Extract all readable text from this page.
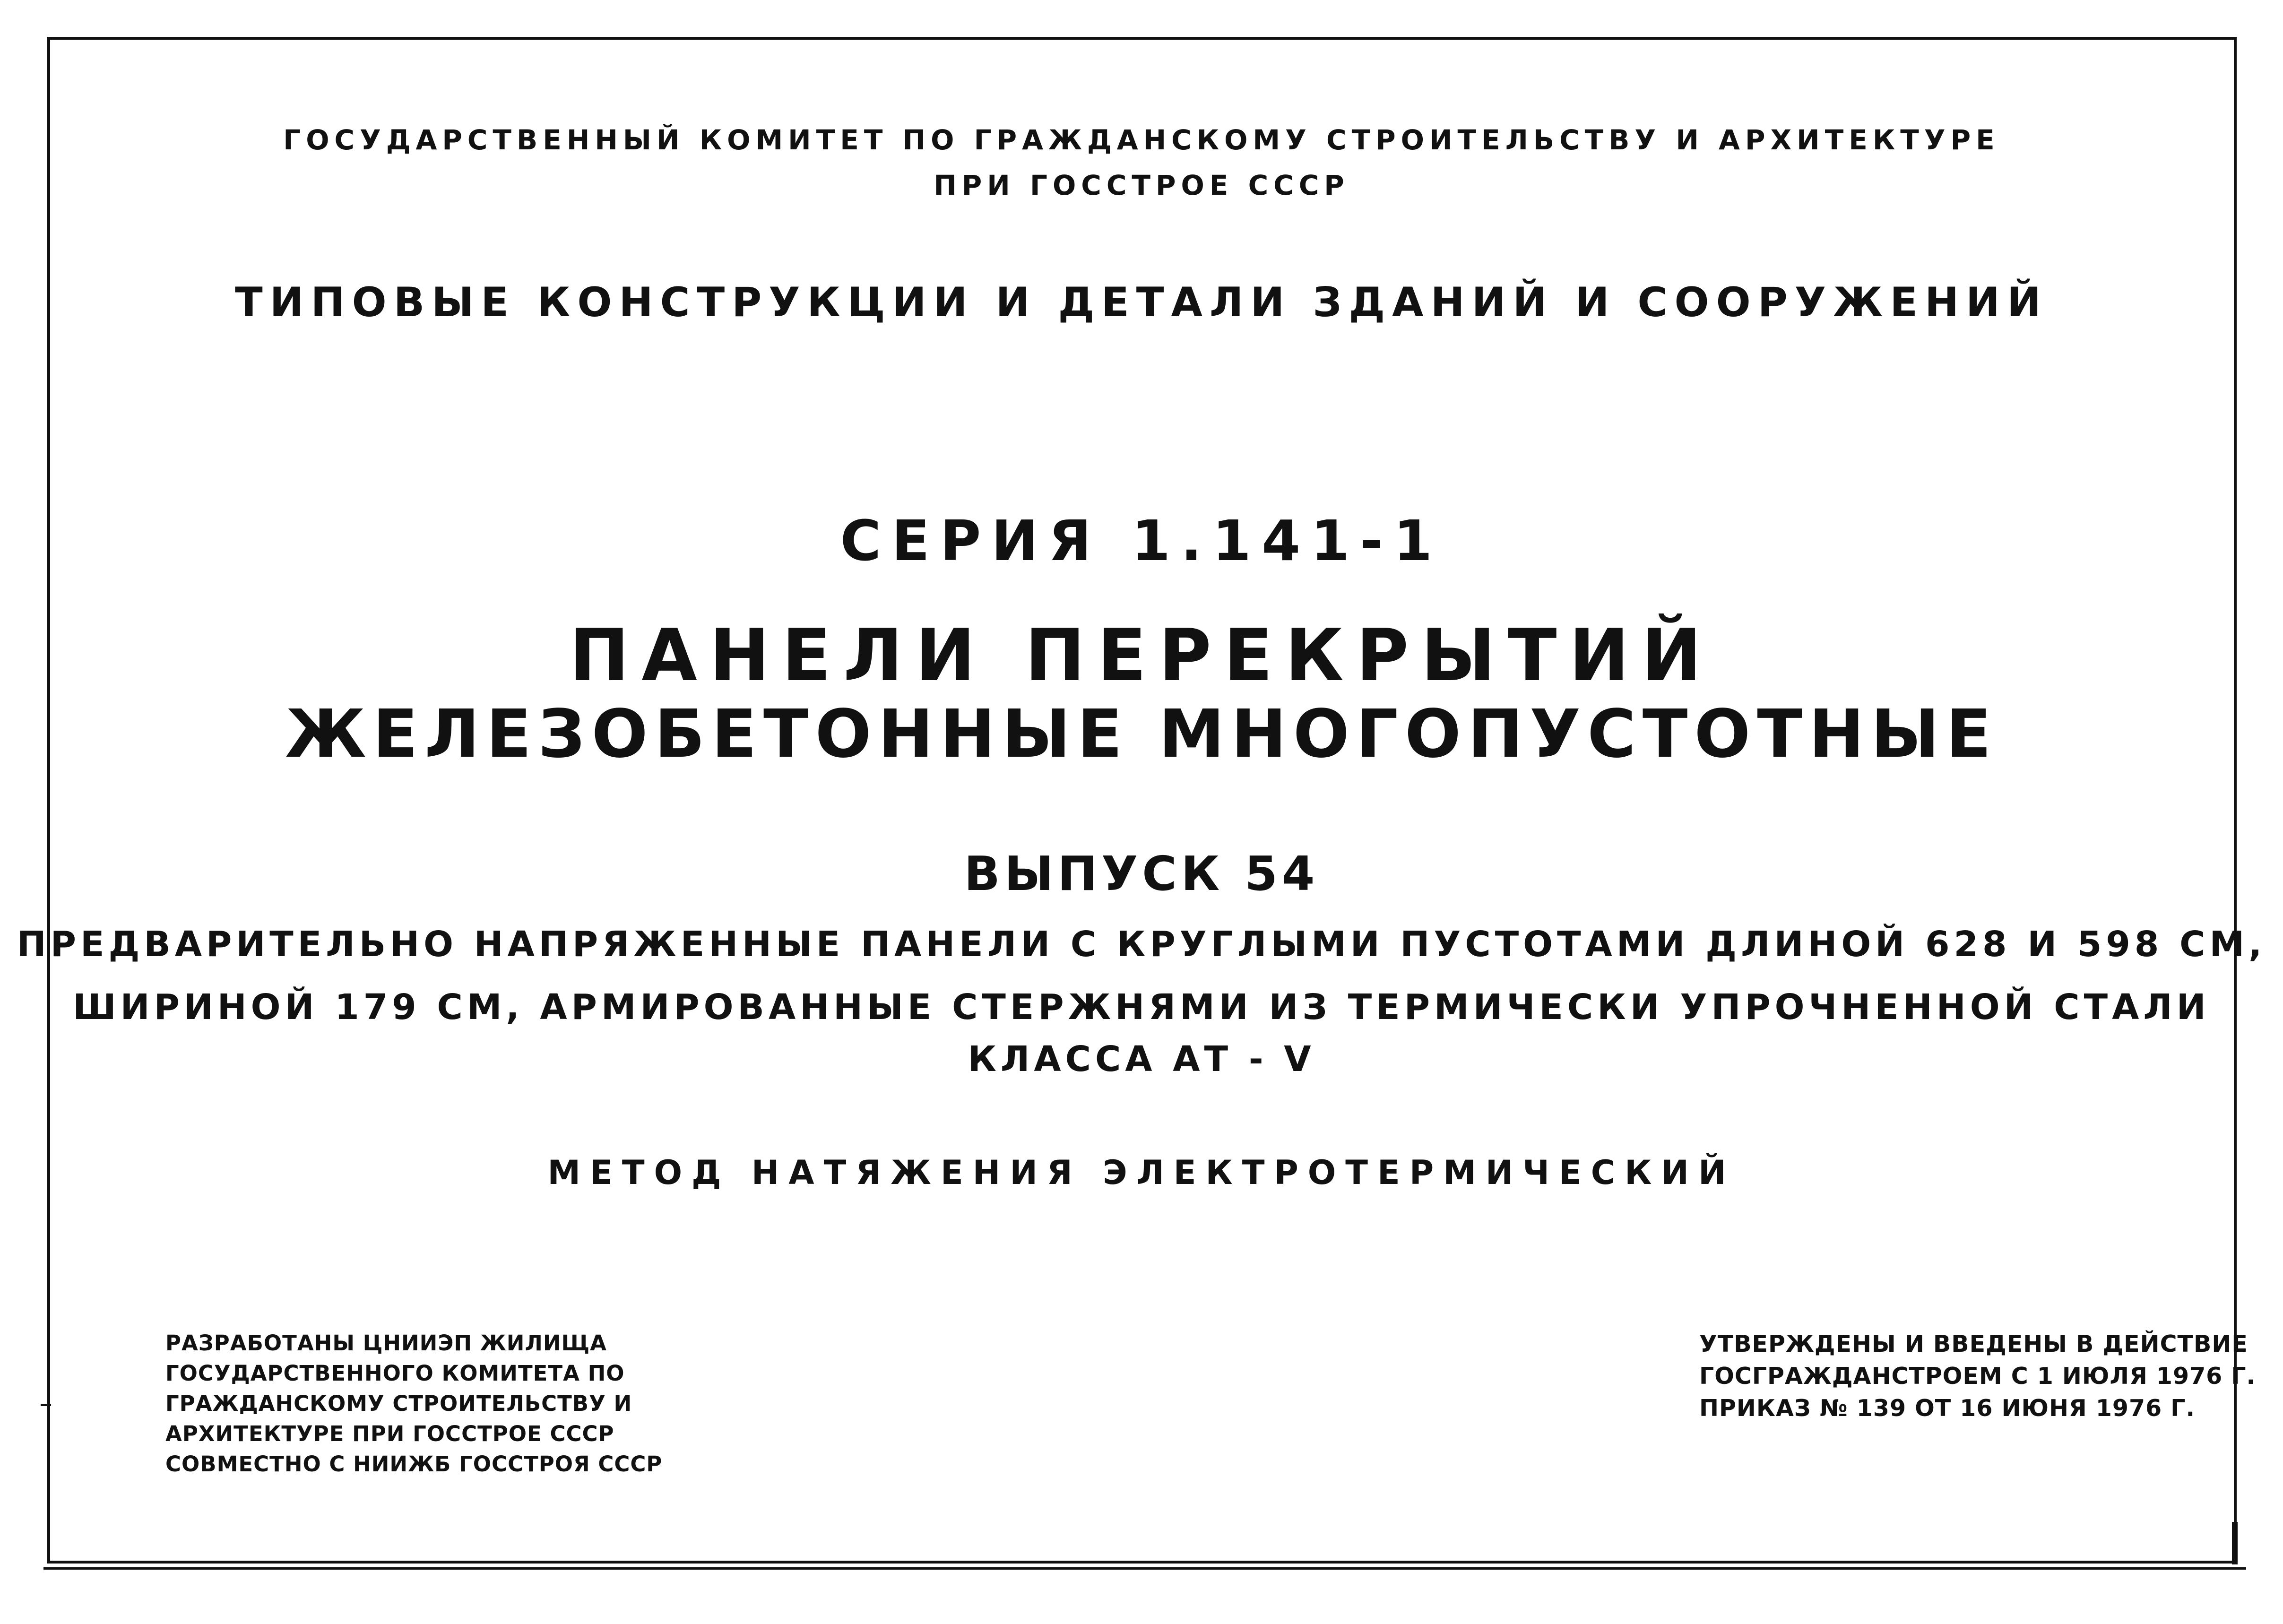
ГОСУДАРСТВЕННЫЙ КОМИТЕТ ПО ГРАЖДАНСКОМУ СТРОИТЕЛЬСТВУ И АРХИТЕКТУРЕ
ПРИ ГОССТРОЕ СССР
ТИПОВЫЕ КОНСТРУКЦИИ И ДЕТАЛИ ЗДАНИЙ И СООРУЖЕНИЙ
СЕРИЯ 1.141-1
ПАНЕЛИ ПЕРЕКРЫТИЙ
ЖЕЛЕЗОБЕТОННЫЕ МНОГОПУСТОТНЫЕ
ВЫПУСК 54
ПРЕДВАРИТЕЛЬНО НАПРЯЖЕННЫЕ ПАНЕЛИ С КРУГЛЫМИ ПУСТОТАМИ ДЛИНОЙ 628 И 598 СМ,
ШИРИНОЙ 179 СМ, АРМИРОВАННЫЕ СТЕРЖНЯМИ ИЗ ТЕРМИЧЕСКИ УПРОЧНЕННОЙ СТАЛИ
КЛАССА АТ - V
МЕТОД НАТЯЖЕНИЯ ЭЛЕКТРОТЕРМИЧЕСКИЙ
РАЗРАБОТАНЫ ЦНИИЭП ЖИЛИЩА
ГОСУДАРСТВЕННОГО КОМИТЕТА ПО
ГРАЖДАНСКОМУ СТРОИТЕЛЬСТВУ И
АРХИТЕКТУРЕ ПРИ ГОССТРОЕ СССР
СОВМЕСТНО С НИИЖБ ГОССТРОЯ СССР
УТВЕРЖДЕНЫ И ВВЕДЕНЫ В ДЕЙСТВИЕ
ГОСГРАЖДАНСТРОЕМ С 1 ИЮЛЯ 1976 Г.
ПРИКАЗ № 139 ОТ 16 ИЮНЯ 1976 Г.
